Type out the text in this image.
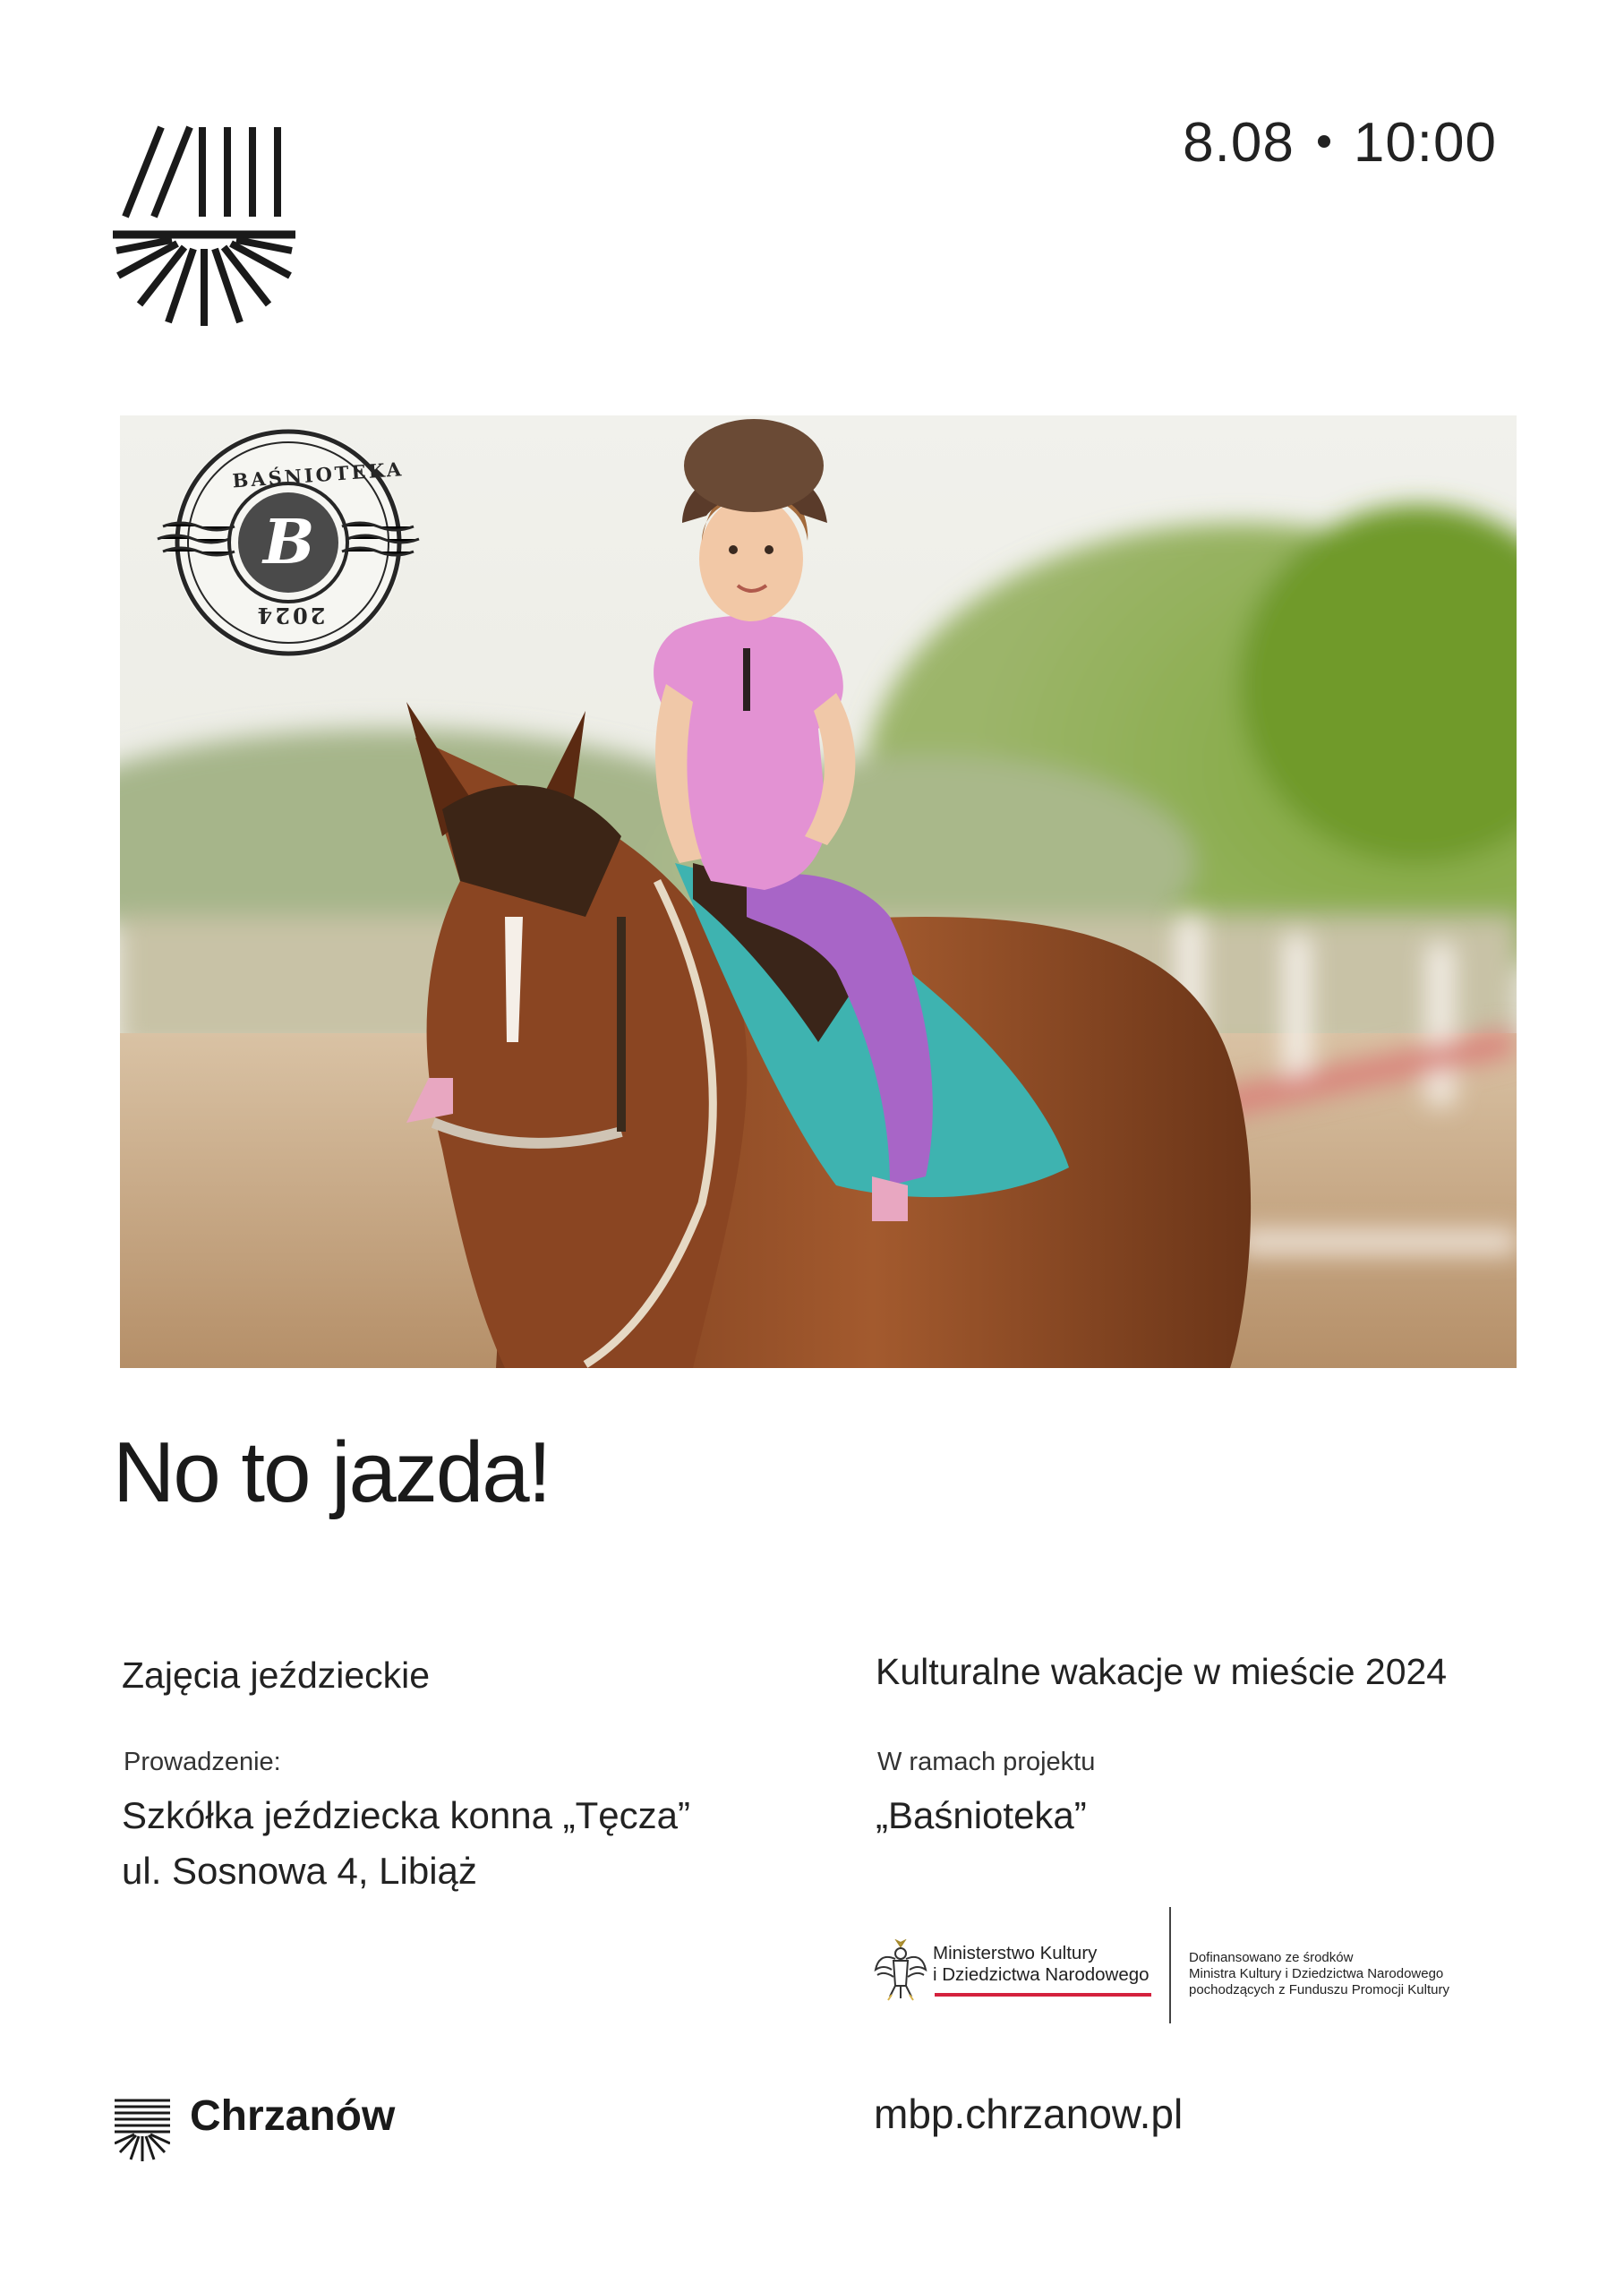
8.08 10:00
BAŚNIOTEKA
B
2024
No to jazda!
Zajęcia jeździeckie
Prowadzenie:
Szkółka jeździecka konna „Tęcza”
ul. Sosnowa 4, Libiąż
Kulturalne wakacje w mieście 2024
W ramach projektu
„Baśnioteka”
Ministerstwo Kultury
i Dziedzictwa Narodowego
Dofinansowano ze środków
Ministra Kultury i Dziedzictwa Narodowego
pochodzących z Funduszu Promocji Kultury
Chrzanów	mbp.chrzanow.pl
